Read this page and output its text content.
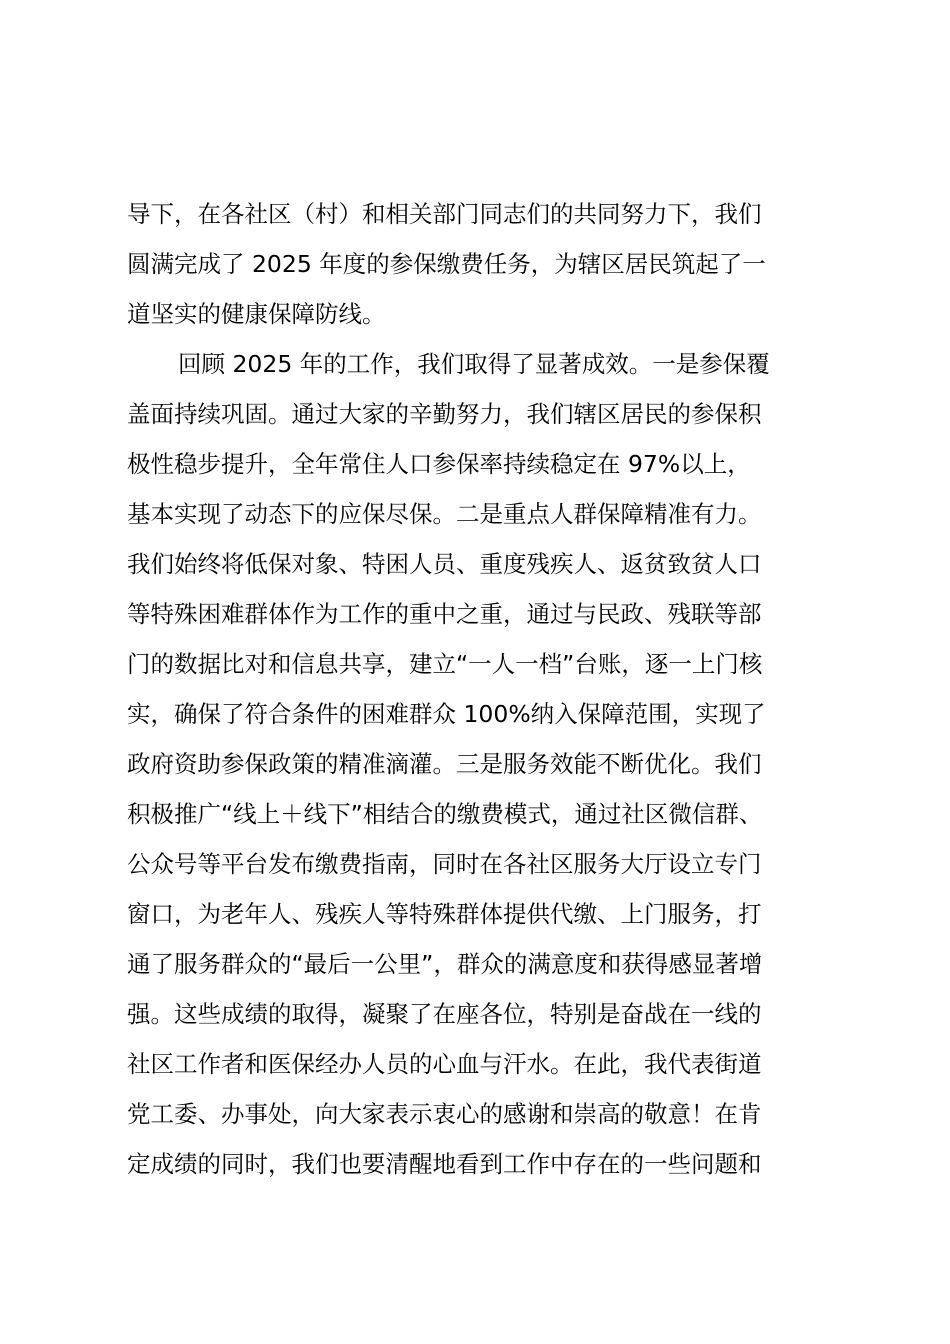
导下，在各社区（村）和相关部门同志们的共同努力下，我们
圆满完成了 2025 年度的参保缴费任务，为辖区居民筑起了一
道坚实的健康保障防线。
回顾 2025 年的工作，我们取得了显著成效。一是参保覆
盖面持续巩固。通过大家的辛勤努力，我们辖区居民的参保积
极性稳步提升，全年常住人口参保率持续稳定在 97%以上，
基本实现了动态下的应保尽保。二是重点人群保障精准有力。
我们始终将低保对象、特困人员、重度残疾人、返贫致贫人口
等特殊困难群体作为工作的重中之重，通过与民政、残联等部
门的数据比对和信息共享，建立“一人一档”台账，逐一上门核
实，确保了符合条件的困难群众 100%纳入保障范围，实现了
政府资助参保政策的精准滴灌。三是服务效能不断优化。我们
积极推广“线上＋线下”相结合的缴费模式，通过社区微信群、
公众号等平台发布缴费指南，同时在各社区服务大厅设立专门
窗口，为老年人、残疾人等特殊群体提供代缴、上门服务，打
通了服务群众的“最后一公里”，群众的满意度和获得感显著增
强。这些成绩的取得，凝聚了在座各位，特别是奋战在一线的
社区工作者和医保经办人员的心血与汗水。在此，我代表街道
党工委、办事处，向大家表示衷心的感谢和崇高的敬意！在肯
定成绩的同时，我们也要清醒地看到工作中存在的一些问题和
